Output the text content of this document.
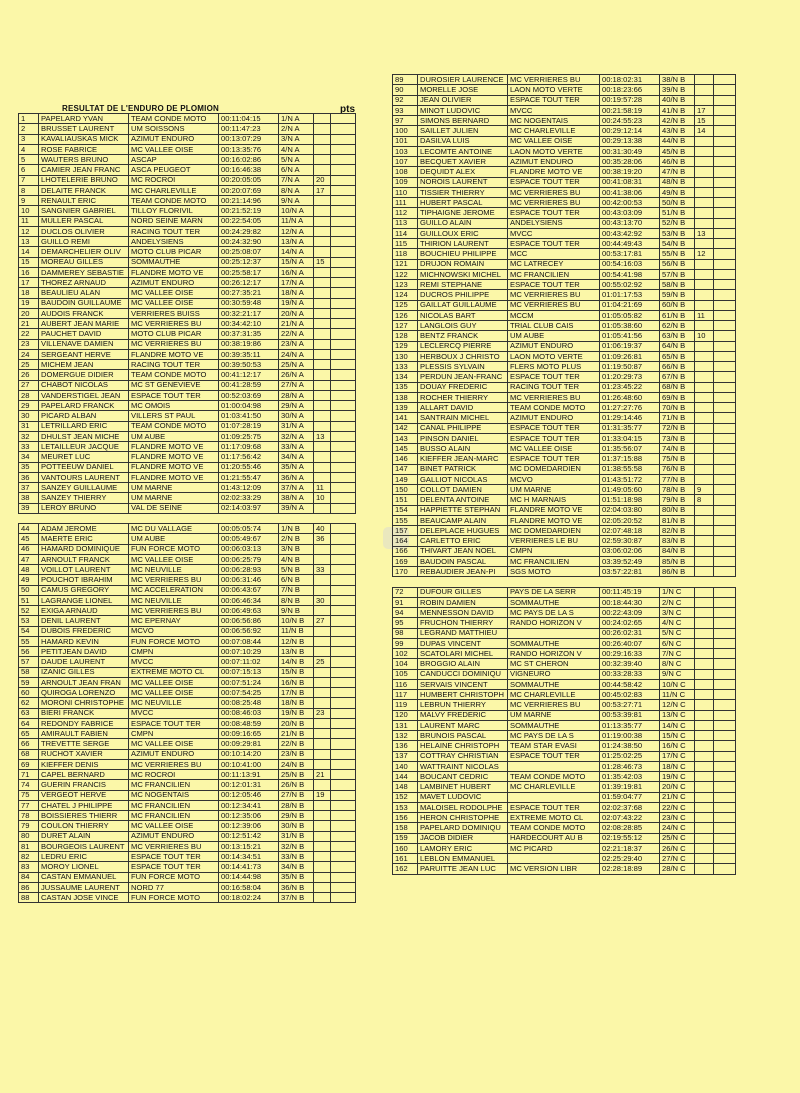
RESULTAT DE L'ENDURO DE PLOMION	pts
1	PAPELARD YVAN	TEAM CONDE MOTO	00:11:04:15	1/N A		
2	BRUSSET LAURENT	UM SOISSONS	00:11:47:23	2/N A		
3	KAVALIAUSKAS MICK	AZIMUT ENDURO	00:13:07:29	3/N A		
4	ROSE FABRICE	MC VALLEE OISE	00:13:35:76	4/N A		
5	WAUTERS BRUNO	ASCAP	00:16:02:86	5/N A		
6	CAMIER JEAN FRANC	ASCA PEUGEOT	00:16:46:38	6/N A		
7	LHOTELERIE BRUNO	MC ROCROI	00:20:05:05	7/N A	20	
8	DELAITE FRANCK	MC CHARLEVILLE	00:20:07:69	8/N A	17	
9	RENAULT ERIC	TEAM CONDE MOTO	00:21:14:96	9/N A		
10	SANGNIER GABRIEL	TILLOY FLORIVIL	00:21:52:19	10/N A		
11	MULLER PASCAL	NORD SEINE MARN	00:22:54:05	11/N A		
12	DUCLOS OLIVIER	RACING TOUT TER	00:24:29:82	12/N A		
13	GUILLO REMI	ANDELYSIENS	00:24:32:90	13/N A		
14	DEMARCHELIER OLIV	MOTO CLUB PICAR	00:25:08:07	14/N A		
15	MOREAU GILLES	SOMMAUTHE	00:25:12:37	15/N A	15	
16	DAMMEREY SEBASTIE	FLANDRE MOTO VE	00:25:58:17	16/N A		
17	THOREZ ARNAUD	AZIMUT ENDURO	00:26:12:17	17/N A		
18	BEAULIEU ALAN	MC VALLEE OISE	00:27:35:21	18/N A		
19	BAUDOIN GUILLAUME	MC VALLEE OISE	00:30:59:48	19/N A		
20	AUDOIS FRANCK	VERRIERES BUISS	00:32:21:17	20/N A		
21	AUBERT JEAN MARIE	MC VERRIERES BU	00:34:42:10	21/N A		
22	PAUCHET DAVID	MOTO CLUB PICAR	00:37:31:35	22/N A		
23	VILLENAVE DAMIEN	MC VERRIERES BU	00:38:19:86	23/N A		
24	SERGEANT HERVE	FLANDRE MOTO VE	00:39:35:11	24/N A		
25	MICHEM JEAN	RACING TOUT TER	00:39:50:53	25/N A		
26	DOMERGUE DIDIER	TEAM CONDE MOTO	00:41:12:17	26/N A		
27	CHABOT NICOLAS	MC ST GENEVIEVE	00:41:28:59	27/N A		
28	VANDERSTIGEL JEAN	ESPACE TOUT TER	00:52:03:69	28/N A		
29	PAPELARD FRANCK	MC OMOIS	01:00:04:98	29/N A		
30	PICARD ALBAN	VILLERS ST PAUL	01:03:41:50	30/N A		
31	LETRILLARD ERIC	TEAM CONDE MOTO	01:07:28:19	31/N A		
32	DHULST JEAN MICHE	UM AUBE	01:09:25:75	32/N A	13	
33	LETAILLEUR JACQUE	FLANDRE MOTO VE	01:17:09:68	33/N A		
34	MEURET LUC	FLANDRE MOTO VE	01:17:56:42	34/N A		
35	POTTEEUW DANIEL	FLANDRE MOTO VE	01:20:55:46	35/N A		
36	VANTOURS LAURENT	FLANDRE MOTO VE	01:21:55:47	36/N A		
37	SANZEY GUILLAUME	UM MARNE	01:43:12:09	37/N A	11	
38	SANZEY THIERRY	UM MARNE	02:02:33:29	38/N A	10	
39	LEROY BRUNO	VAL DE SEINE	02:14:03:97	39/N A		

44	ADAM JEROME	MC DU VALLAGE	00:05:05:74	1/N B	40	
45	MAERTE ERIC	UM AUBE	00:05:49:67	2/N B	36	
46	HAMARD DOMINIQUE	FUN FORCE MOTO	00:06:03:13	3/N B		
47	ARNOULT FRANCK	MC VALLEE OISE	00:06:25:79	4/N B		
48	VOILLOT LAURENT	MC NEUVILLE	00:06:28:93	5/N B	33	
49	POUCHOT IBRAHIM	MC VERRIERES BU	00:06:31:46	6/N B		
50	CAMUS GREGORY	MC ACCELERATION	00:06:43:67	7/N B		
51	LAGRANGE LIONEL	MC NEUVILLE	00:06:46:34	8/N B	30	
52	EXIGA ARNAUD	MC VERRIERES BU	00:06:49:63	9/N B		
53	DENIL LAURENT	MC EPERNAY	00:06:56:86	10/N B	27	
54	DUBOIS FREDERIC	MCVO	00:06:56:92	11/N B		
55	HAMARD KEVIN	FUN FORCE MOTO	00:07:08:44	12/N B		
56	PETITJEAN DAVID	CMPN	00:07:10:29	13/N B		
57	DAUDE LAURENT	MVCC	00:07:11:02	14/N B	25	
58	IZANIC GILLES	EXTREME MOTO CL	00:07:15:13	15/N B		
59	ARNOULT JEAN FRAN	MC VALLEE OISE	00:07:51:24	16/N B		
60	QUIROGA LORENZO	MC VALLEE OISE	00:07:54:25	17/N B		
62	MORONI CHRISTOPHE	MC NEUVILLE	00:08:25:48	18/N B		
63	BIERI FRANCK	MVCC	00:08:46:03	19/N B	23	
64	REDONDY FABRICE	ESPACE TOUT TER	00:08:48:59	20/N B		
65	AMIRAULT FABIEN	CMPN	00:09:16:65	21/N B		
66	TREVETTE SERGE	MC VALLEE OISE	00:09:29:81	22/N B		
68	RUCHOT XAVIER	AZIMUT ENDURO	00:10:14:20	23/N B		
69	KIEFFER DENIS	MC VERRIERES BU	00:10:41:00	24/N B		
71	CAPEL BERNARD	MC ROCROI	00:11:13:91	25/N B	21	
74	GUERIN FRANCIS	MC FRANCILIEN	00:12:01:31	26/N B		
75	VERGEOT HERVE	MC NOGENTAIS	00:12:05:46	27/N B	19	
77	CHATEL J PHILIPPE	MC FRANCILIEN	00:12:34:41	28/N B		
78	BOISSIERES THIERR	MC FRANCILIEN	00:12:35:06	29/N B		
79	COULON THIERRY	MC VALLEE OISE	00:12:39:06	30/N B		
80	DURET ALAIN	AZIMUT ENDURO	00:12:51:42	31/N B		
81	BOURGEOIS LAURENT	MC VERRIERES BU	00:13:15:21	32/N B		
82	LEDRU ERIC	ESPACE TOUT TER	00:14:34:51	33/N B		
83	MOROY LIONEL	ESPACE TOUT TER	00:14:41:73	34/N B		
84	CASTAN EMMANUEL	FUN FORCE MOTO	00:14:44:98	35/N B		
86	JUSSAUME LAURENT	NORD 77	00:16:58:04	36/N B		
88	CASTAN JOSE VINCE	FUN FORCE MOTO	00:18:02:24	37/N B		
89	DUROSIER LAURENCE	MC VERRIERES BU	00:18:02:31	38/N B		
90	MORELLE JOSE	LAON MOTO VERTE	00:18:23:66	39/N B		
92	JEAN OLIVIER	ESPACE TOUT TER	00:19:57:28	40/N B		
93	MINOT LUDOVIC	MVCC	00:21:58:19	41/N B	17	
97	SIMONS BERNARD	MC NOGENTAIS	00:24:55:23	42/N B	15	
100	SAILLET JULIEN	MC CHARLEVILLE	00:29:12:14	43/N B	14	
101	DASILVA LUIS	MC VALLEE OISE	00:29:13:38	44/N B		
103	LECOMTE ANTOINE	LAON MOTO VERTE	00:31:30:49	45/N B		
107	BECQUET XAVIER	AZIMUT ENDURO	00:35:28:06	46/N B		
108	DEQUIDT ALEX	FLANDRE MOTO VE	00:38:19:20	47/N B		
109	NOROIS LAURENT	ESPACE TOUT TER	00:41:08:31	48/N B		
110	TISSIER THIERRY	MC VERRIERES BU	00:41:38:06	49/N B		
111	HUBERT PASCAL	MC VERRIERES BU	00:42:00:53	50/N B		
112	TIPHAIGNE JEROME	ESPACE TOUT TER	00:43:03:09	51/N B		
113	GUILLO ALAIN	ANDELYSIENS	00:43:13:70	52/N B		
114	GUILLOUX ERIC	MVCC	00:43:42:92	53/N B	13	
115	THIRION LAURENT	ESPACE TOUT TER	00:44:49:43	54/N B		
118	BOUCHIEU PHILIPPE	MCC	00:53:17:81	55/N B	12	
121	DRUJON ROMAIN	MC LATRECEY	00:54:16:03	56/N B		
122	MICHNOWSKI MICHEL	MC FRANCILIEN	00:54:41:98	57/N B		
123	REMI STEPHANE	ESPACE TOUT TER	00:55:02:92	58/N B		
124	DUCROS PHILIPPE	MC VERRIERES BU	01:01:17:53	59/N B		
125	GAILLAT GUILLAUME	MC VERRIERES BU	01:04:21:69	60/N B		
126	NICOLAS BART	MCCM	01:05:05:82	61/N B	11	
127	LANGLOIS GUY	TRIAL CLUB CAIS	01:05:38:60	62/N B		
128	BENTZ FRANCK	UM AUBE	01:05:41:56	63/N B	10	
129	LECLERCQ PIERRE	AZIMUT ENDURO	01:06:19:37	64/N B		
130	HERBOUX J CHRISTO	LAON MOTO VERTE	01:09:26:81	65/N B		
133	PLESSIS SYLVAIN	FLERS MOTO PLUS	01:19:50:87	66/N B		
134	PERDUN JEAN-FRANC	ESPACE TOUT TER	01:20:29:73	67/N B		
135	DOUAY FREDERIC	RACING TOUT TER	01:23:45:22	68/N B		
138	ROCHER THIERRY	MC VERRIERES BU	01:26:48:60	69/N B		
139	ALLART DAVID	TEAM CONDE MOTO	01:27:27:76	70/N B		
141	SANTRAIN MICHEL	AZIMUT ENDURO	01:29:14:46	71/N B		
142	CANAL PHILIPPE	ESPACE TOUT TER	01:31:35:77	72/N B		
143	PINSON DANIEL	ESPACE TOUT TER	01:33:04:15	73/N B		
145	BUSSO ALAIN	MC VALLEE OISE	01:35:56:07	74/N B		
146	KIEFFER JEAN-MARC	ESPACE TOUT TER	01:37:15:88	75/N B		
147	BINET PATRICK	MC DOMEDARDIEN	01:38:55:58	76/N B		
149	GALLIOT NICOLAS	MCVO	01:43:51:72	77/N B		
150	COLLOT DAMIEN	UM MARNE	01:49:05:60	78/N B	9	
151	DELENTA ANTOINE	MC H MARNAIS	01:51:18:98	79/N B	8	
154	HAPPIETTE STEPHAN	FLANDRE MOTO VE	02:04:03:80	80/N B		
155	BEAUCAMP ALAIN	FLANDRE MOTO VE	02:05:20:52	81/N B		
157	DELEPLACE HUGUES	MC DOMEDARDIEN	02:07:48:18	82/N B		
164	CARLETTO ERIC	VERRIERES LE BU	02:59:30:87	83/N B		
166	THIVART JEAN NOEL	CMPN	03:06:02:06	84/N B		
169	BAUDOIN PASCAL	MC FRANCILIEN	03:39:52:49	85/N B		
170	REBAUDIER JEAN-PI	SGS MOTO	03:57:22:81	86/N B		

72	DUFOUR GILLES	PAYS DE LA SERR	00:11:45:19	1/N C		
91	ROBIN DAMIEN	SOMMAUTHE	00:18:44:30	2/N C		
94	MENNESSON DAVID	MC PAYS DE LA S	00:22:43:09	3/N C		
95	FRUCHON THIERRY	RANDO HORIZON V	00:24:02:65	4/N C		
98	LEGRAND MATTHIEU		00:26:02:31	5/N C		
99	DUPAS VINCENT	SOMMAUTHE	00:26:40:07	6/N C		
102	SCATOLARI MICHEL	RANDO HORIZON V	00:29:16:33	7/N C		
104	BROGGIO ALAIN	MC ST CHERON	00:32:39:40	8/N C		
105	CANDUCCI DOMINIQU	VIGNEURO	00:33:28:33	9/N C		
116	SERVAIS VINCENT	SOMMAUTHE	00:44:58:42	10/N C		
117	HUMBERT CHRISTOPH	MC CHARLEVILLE	00:45:02:83	11/N C		
119	LEBRUN THIERRY	MC VERRIERES BU	00:53:27:71	12/N C		
120	MALVY FREDERIC	UM MARNE	00:53:39:81	13/N C		
131	LAURENT MARC	SOMMAUTHE	01:13:35:77	14/N C		
132	BRUNOIS PASCAL	MC PAYS DE LA S	01:19:00:38	15/N C		
136	HELAINE CHRISTOPH	TEAM STAR EVASI	01:24:38:50	16/N C		
137	COTTRAY CHRISTIAN	ESPACE TOUT TER	01:25:02:25	17/N C		
140	WATTRAINT NICOLAS		01:28:46:73	18/N C		
144	BOUCANT CEDRIC	TEAM CONDE MOTO	01:35:42:03	19/N C		
148	LAMBINET HUBERT	MC CHARLEVILLE	01:39:19:81	20/N C		
152	MAVET LUDOVIC		01:59:04:77	21/N C		
153	MALOISEL RODOLPHE	ESPACE TOUT TER	02:02:37:68	22/N C		
156	HERON CHRISTOPHE	EXTREME MOTO CL	02:07:43:22	23/N C		
158	PAPELARD DOMINIQU	TEAM CONDE MOTO	02:08:28:85	24/N C		
159	JACOB DIDIER	HARDECOURT AU B	02:19:55:12	25/N C		
160	LAMORY ERIC	MC PICARD	02:21:18:37	26/N C		
161	LEBLON EMMANUEL		02:25:29:40	27/N C		
162	PARUITTE JEAN LUC	MC VERSION LIBR	02:28:18:89	28/N C		
